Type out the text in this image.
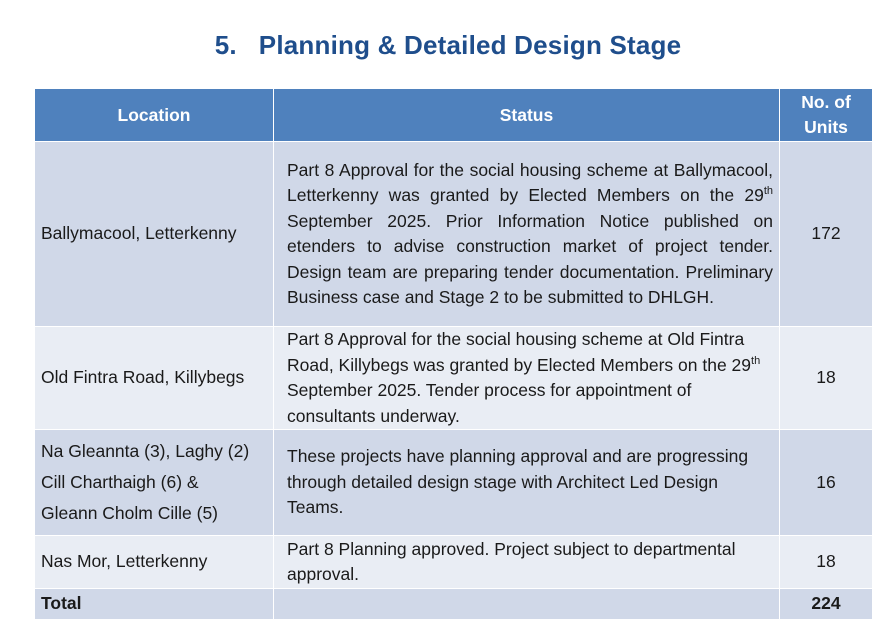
5. Planning & Detailed Design Stage
Location	Status	No. of
Units
Ballymacool, Letterkenny	Part 8 Approval for the social housing scheme at Ballymacool, Letterkenny was granted by Elected Members on the 29th September 2025. Prior Information Notice published on etenders to advise construction market of project tender. Design team are preparing tender documentation. Preliminary Business case and Stage 2 to be submitted to DHLGH.	172
Old Fintra Road, Killybegs	Part 8 Approval for the social housing scheme at Old Fintra Road, Killybegs was granted by Elected Members on the 29th September 2025. Tender process for appointment of consultants underway.	18

Na Gleannta (3), Laghy (2)
Cill Charthaigh (6) &
Gleann Cholm Cille (5)	These projects have planning approval and are progressing through detailed design stage with Architect Led Design Teams.	16
Nas Mor, Letterkenny	Part 8 Planning approved. Project subject to departmental approval.	18
Total		224
